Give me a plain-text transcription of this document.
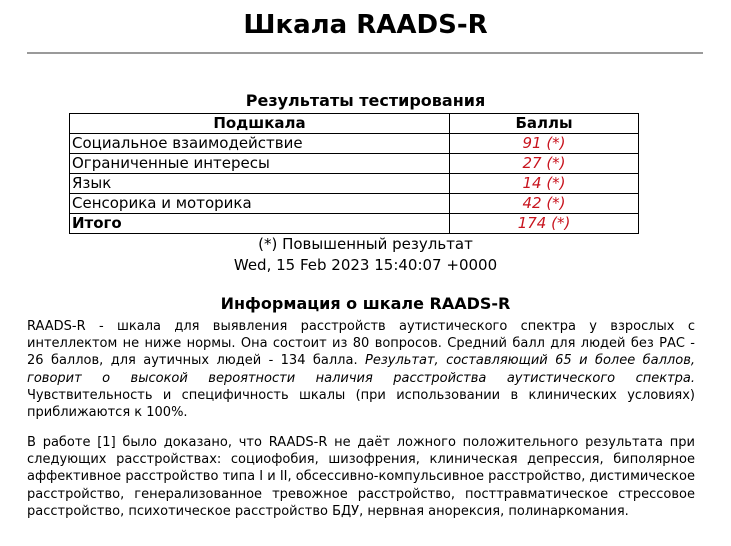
Шкала RAADS-R
Результаты тестирования
Подшкала	Баллы
Социальное взаимодействие	91 (*)
Ограниченные интересы	27 (*)
Язык	14 (*)
Сенсорика и моторика	42 (*)
Итого	174 (*)
(*) Повышенный результат
Wed, 15 Feb 2023 15:40:07 +0000
Информация о шкале RAADS-R
RAADS-R - шкала для выявления расстройств аутистического спектра у взрослых с интеллектом не ниже нормы. Она состоит из 80 вопросов. Средний балл для людей без РАС - 26 баллов, для аутичных людей - 134 балла. Результат, составляющий 65 и более баллов, говорит о высокой вероятности наличия расстройства аутистического спектра. Чувствительность и специфичность шкалы (при использовании в клинических условиях) приближаются к 100%.
В работе [1] было доказано, что RAADS-R не даёт ложного положительного результата при следующих расстройствах: социофобия, шизофрения, клиническая депрессия, биполярное аффективное расстройство типа I и II, обсессивно-компульсивное расстройство, дистимическое расстройство, генерализованное тревожное расстройство, посттравматическое стрессовое расстройство, психотическое расстройство БДУ, нервная анорексия, полинаркомания.
